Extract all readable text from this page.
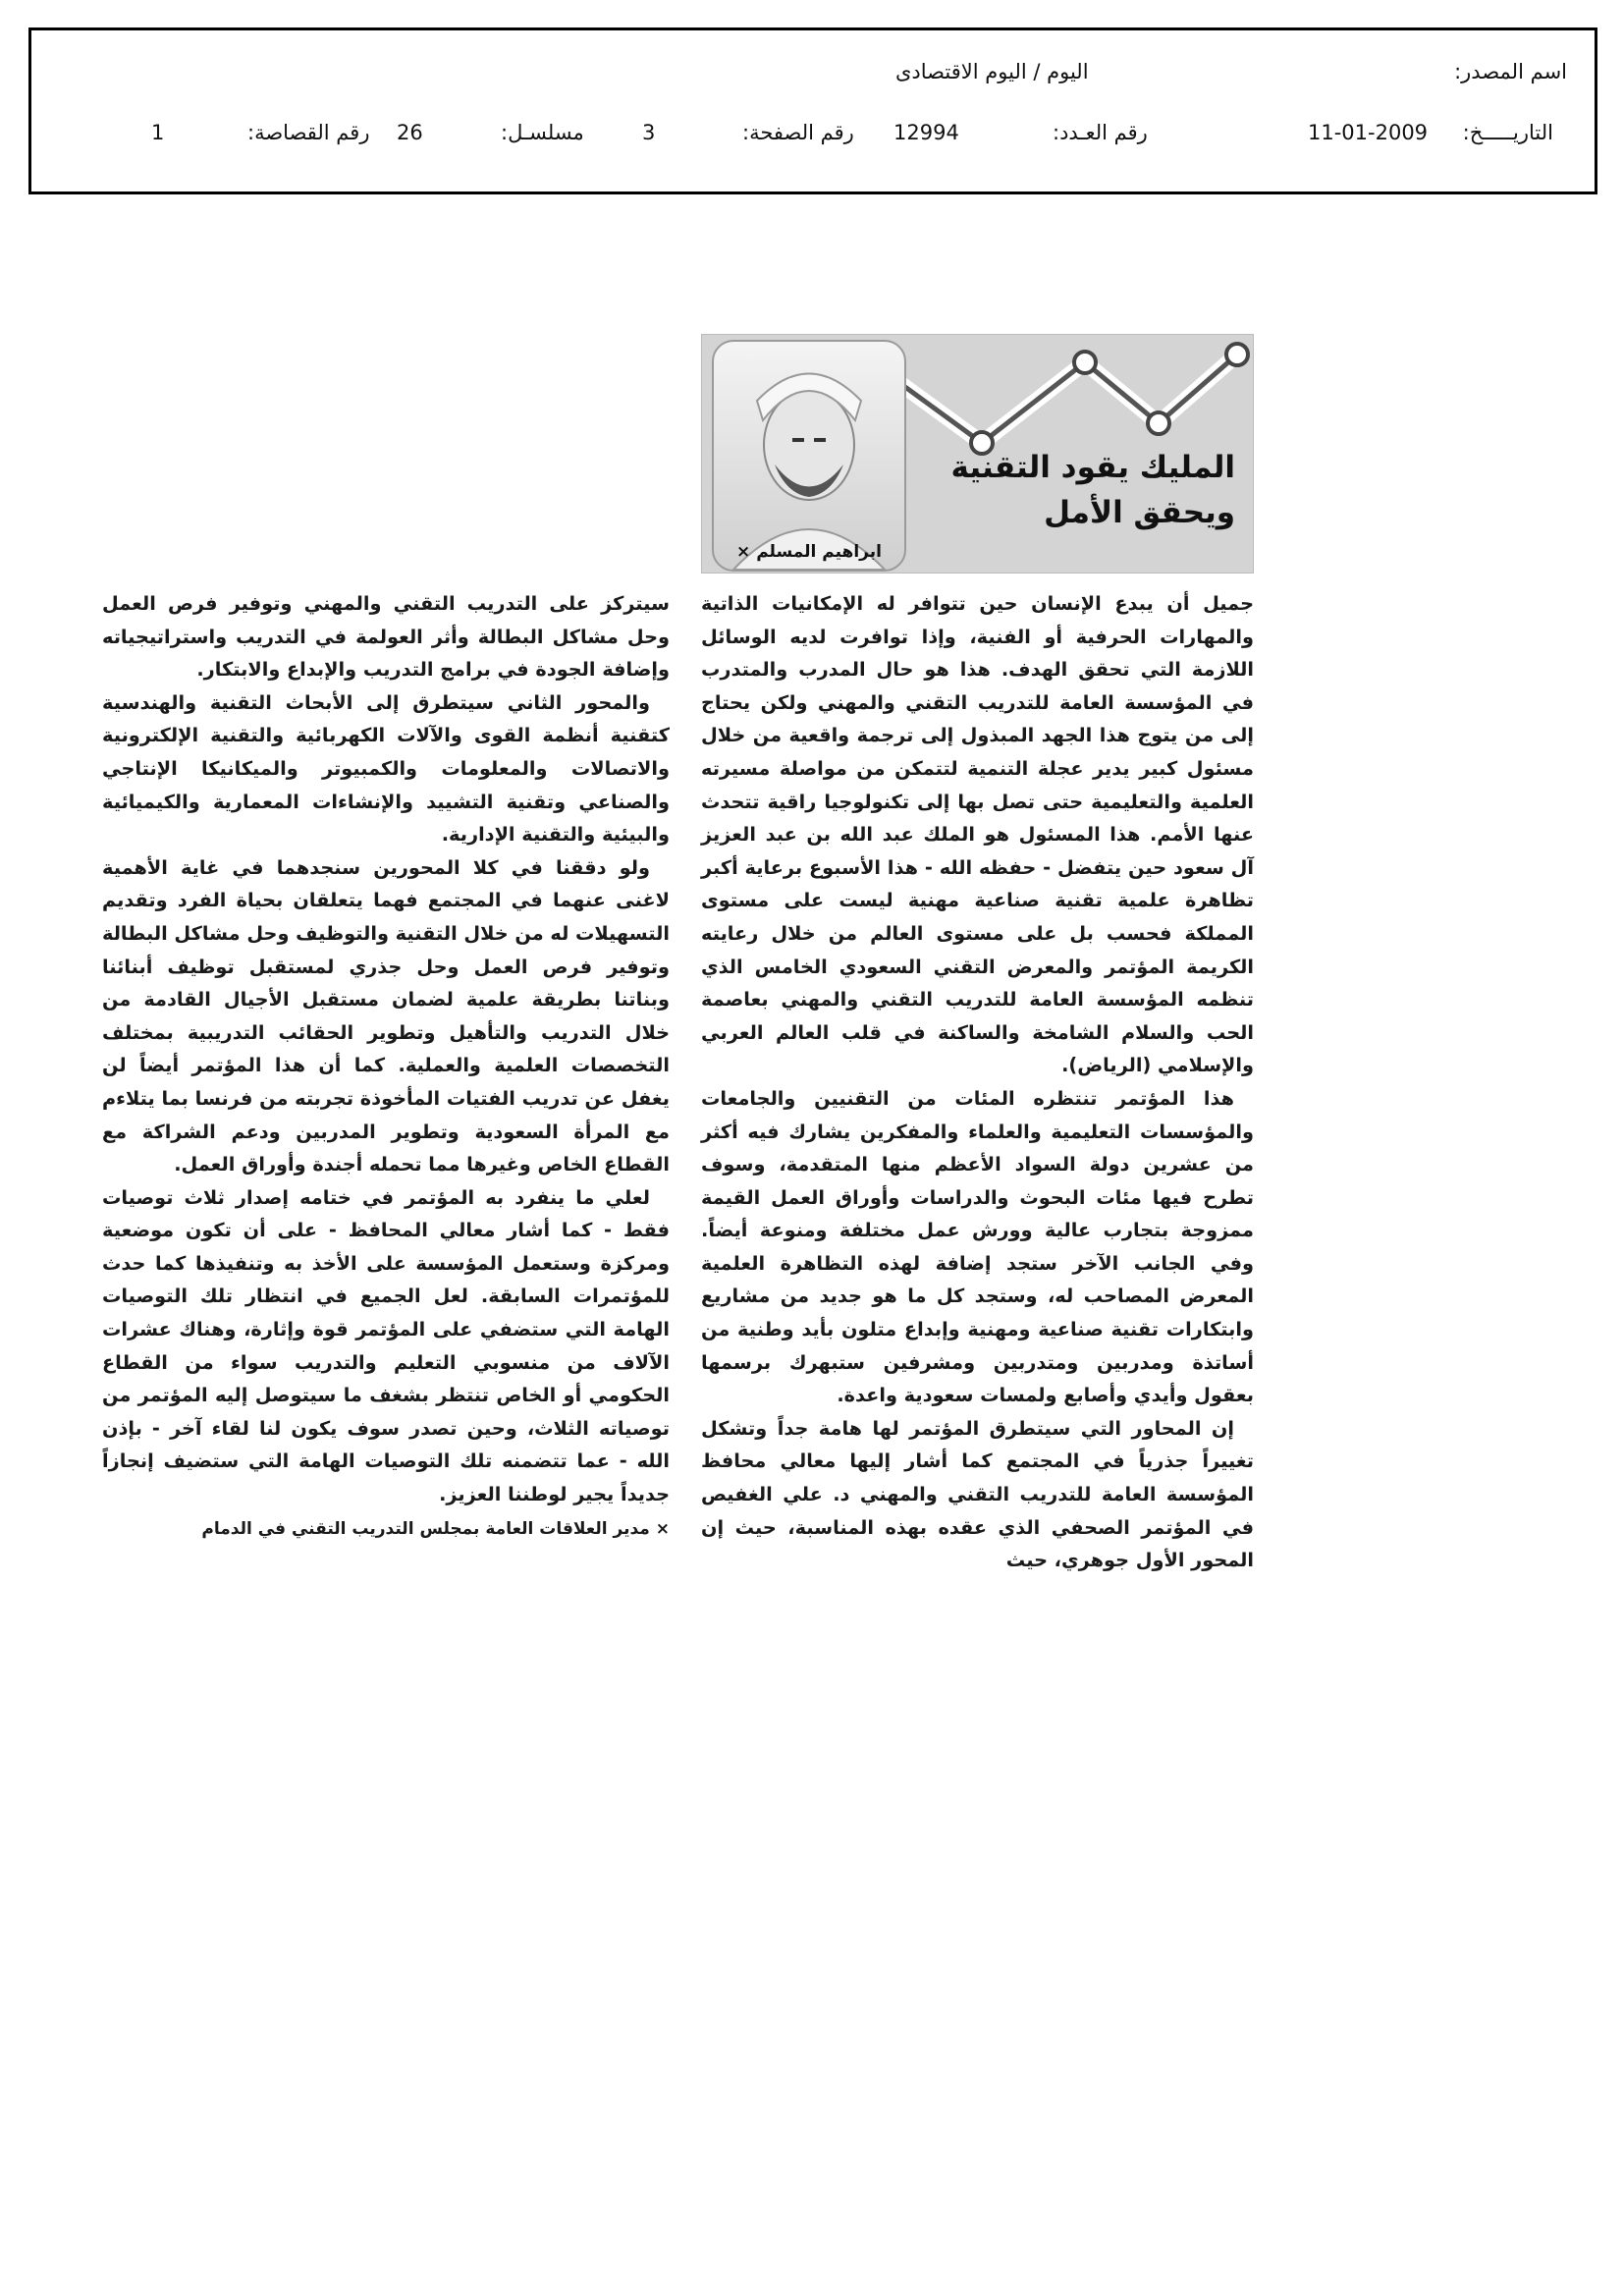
اسم المصدر:
اليوم / اليوم الاقتصادى
التاريـــــخ:
11-01-2009
رقم العـدد:
12994
رقم الصفحة:
3
مسلسـل:
26
رقم القصاصة:
1
ابراهيم المسلم ×
المليك يقود التقنية
ويحقق الأمل

جميل أن يبدع الإنسان حين تتوافر له الإمكانيات الذاتية والمهارات الحرفية أو الفنية، وإذا توافرت لديه الوسائل اللازمة التي تحقق الهدف. هذا هو حال المدرب والمتدرب في المؤسسة العامة للتدريب التقني والمهني ولكن يحتاج إلى من يتوج هذا الجهد المبذول إلى ترجمة واقعية من خلال مسئول كبير يدير عجلة التنمية لتتمكن من مواصلة مسيرته العلمية والتعليمية حتى تصل بها إلى تكنولوجيا راقية تتحدث عنها الأمم. هذا المسئول هو الملك عبد الله بن عبد العزيز آل سعود حين يتفضل - حفظه الله - هذا الأسبوع برعاية أكبر تظاهرة علمية تقنية صناعية مهنية ليست على مستوى المملكة فحسب بل على مستوى العالم من خلال رعايته الكريمة المؤتمر والمعرض التقني السعودي الخامس الذي تنظمه المؤسسة العامة للتدريب التقني والمهني بعاصمة الحب والسلام الشامخة والساكنة في قلب العالم العربي والإسلامي (الرياض).

هذا المؤتمر تنتظره المئات من التقنيين والجامعات والمؤسسات التعليمية والعلماء والمفكرين يشارك فيه أكثر من عشرين دولة السواد الأعظم منها المتقدمة، وسوف تطرح فيها مئات البحوث والدراسات وأوراق العمل القيمة ممزوجة بتجارب عالية وورش عمل مختلفة ومنوعة أيضاً. وفي الجانب الآخر ستجد إضافة لهذه التظاهرة العلمية المعرض المصاحب له، وستجد كل ما هو جديد من مشاريع وابتكارات تقنية صناعية ومهنية وإبداع متلون بأيد وطنية من أساتذة ومدربين ومتدربين ومشرفين ستبهرك برسمها بعقول وأيدي وأصابع ولمسات سعودية واعدة.

إن المحاور التي سيتطرق المؤتمر لها هامة جداً وتشكل تغييراً جذرياً في المجتمع كما أشار إليها معالي محافظ المؤسسة العامة للتدريب التقني والمهني د. علي الغفيص في المؤتمر الصحفي الذي عقده بهذه المناسبة، حيث إن المحور الأول جوهري، حيث

سيتركز على التدريب التقني والمهني وتوفير فرص العمل وحل مشاكل البطالة وأثر العولمة في التدريب واستراتيجياته وإضافة الجودة في برامج التدريب والإبداع والابتكار.

والمحور الثاني سيتطرق إلى الأبحاث التقنية والهندسية كتقنية أنظمة القوى والآلات الكهربائية والتقنية الإلكترونية والاتصالات والمعلومات والكمبيوتر والميكانيكا الإنتاجي والصناعي وتقنية التشييد والإنشاءات المعمارية والكيميائية والبيئية والتقنية الإدارية.

ولو دققنا في كلا المحورين سنجدهما في غاية الأهمية لاغنى عنهما في المجتمع فهما يتعلقان بحياة الفرد وتقديم التسهيلات له من خلال التقنية والتوظيف وحل مشاكل البطالة وتوفير فرص العمل وحل جذري لمستقبل توظيف أبنائنا وبناتنا بطريقة علمية لضمان مستقبل الأجيال القادمة من خلال التدريب والتأهيل وتطوير الحقائب التدريبية بمختلف التخصصات العلمية والعملية. كما أن هذا المؤتمر أيضاً لن يغفل عن تدريب الفتيات المأخوذة تجربته من فرنسا بما يتلاءم مع المرأة السعودية وتطوير المدربين ودعم الشراكة مع القطاع الخاص وغيرها مما تحمله أجندة وأوراق العمل.

لعلي ما ينفرد به المؤتمر في ختامه إصدار ثلاث توصيات فقط - كما أشار معالي المحافظ - على أن تكون موضعية ومركزة وستعمل المؤسسة على الأخذ به وتنفيذها كما حدث للمؤتمرات السابقة. لعل الجميع في انتظار تلك التوصيات الهامة التي ستضفي على المؤتمر قوة وإثارة، وهناك عشرات الآلاف من منسوبي التعليم والتدريب سواء من القطاع الحكومي أو الخاص تنتظر بشغف ما سيتوصل إليه المؤتمر من توصياته الثلاث، وحين تصدر سوف يكون لنا لقاء آخر - بإذن الله - عما تتضمنه تلك التوصيات الهامة التي ستضيف إنجازاً جديداً يجير لوطننا العزيز.

× مدير العلاقات العامة بمجلس التدريب التقني في الدمام
